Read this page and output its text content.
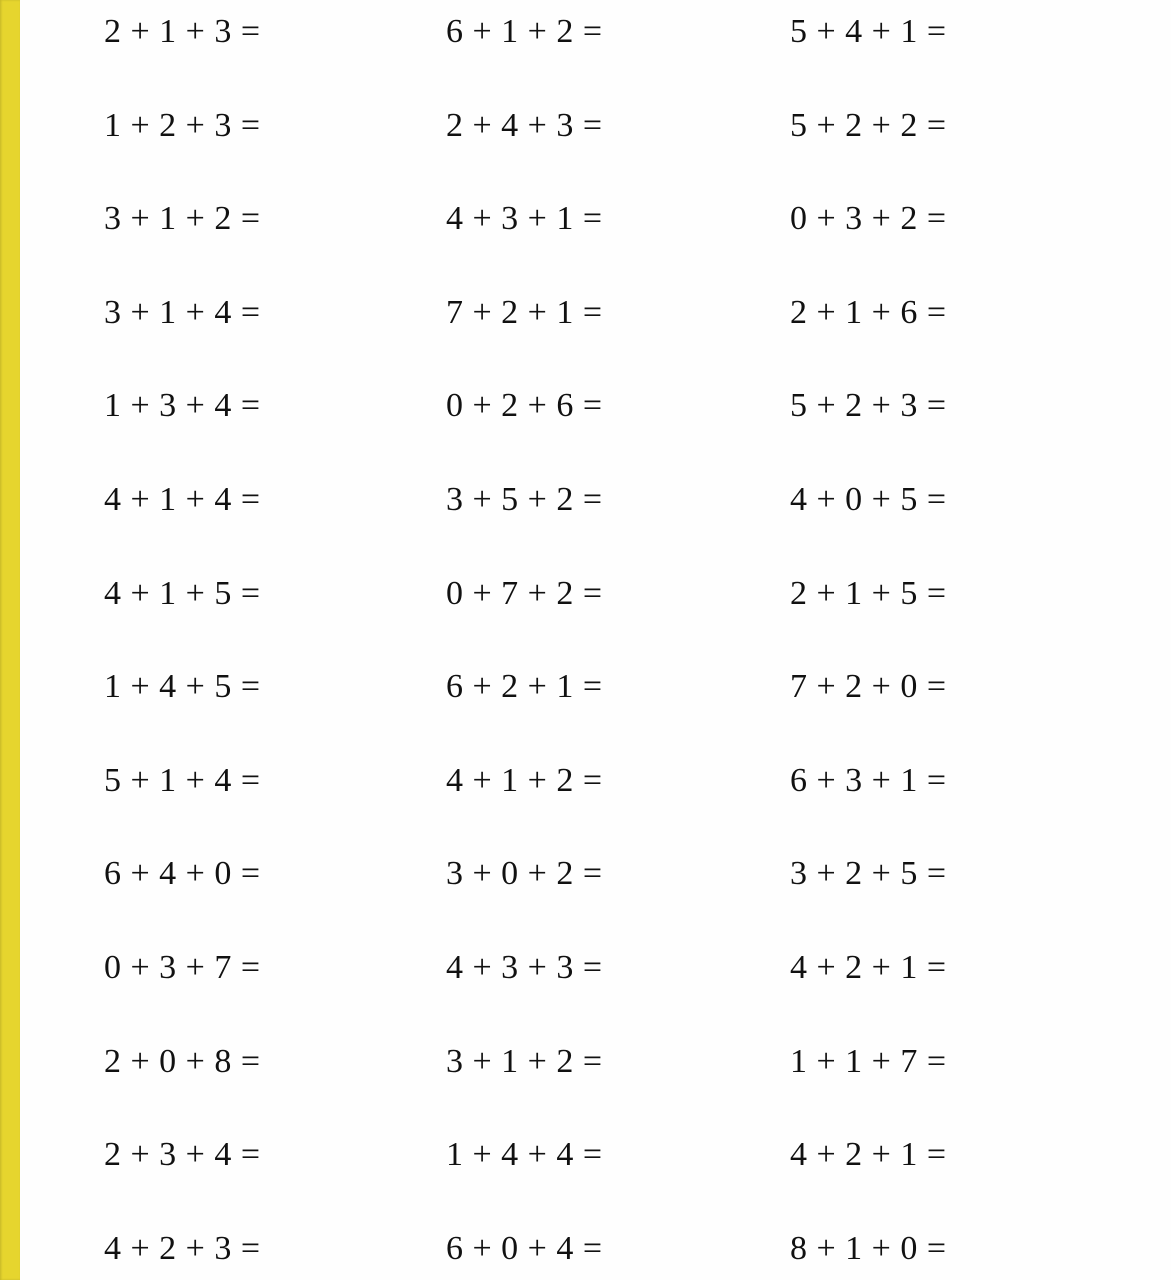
2 + 1 + 3 =	6 + 1 + 2 =	5 + 4 + 1 =
1 + 2 + 3 =	2 + 4 + 3 =	5 + 2 + 2 =
3 + 1 + 2 =	4 + 3 + 1 =	0 + 3 + 2 =
3 + 1 + 4 =	7 + 2 + 1 =	2 + 1 + 6 =
1 + 3 + 4 =	0 + 2 + 6 =	5 + 2 + 3 =
4 + 1 + 4 =	3 + 5 + 2 =	4 + 0 + 5 =
4 + 1 + 5 =	0 + 7 + 2 =	2 + 1 + 5 =
1 + 4 + 5 =	6 + 2 + 1 =	7 + 2 + 0 =
5 + 1 + 4 =	4 + 1 + 2 =	6 + 3 + 1 =
6 + 4 + 0 =	3 + 0 + 2 =	3 + 2 + 5 =
0 + 3 + 7 =	4 + 3 + 3 =	4 + 2 + 1 =
2 + 0 + 8 =	3 + 1 + 2 =	1 + 1 + 7 =
2 + 3 + 4 =	1 + 4 + 4 =	4 + 2 + 1 =
4 + 2 + 3 =	6 + 0 + 4 =	8 + 1 + 0 =
